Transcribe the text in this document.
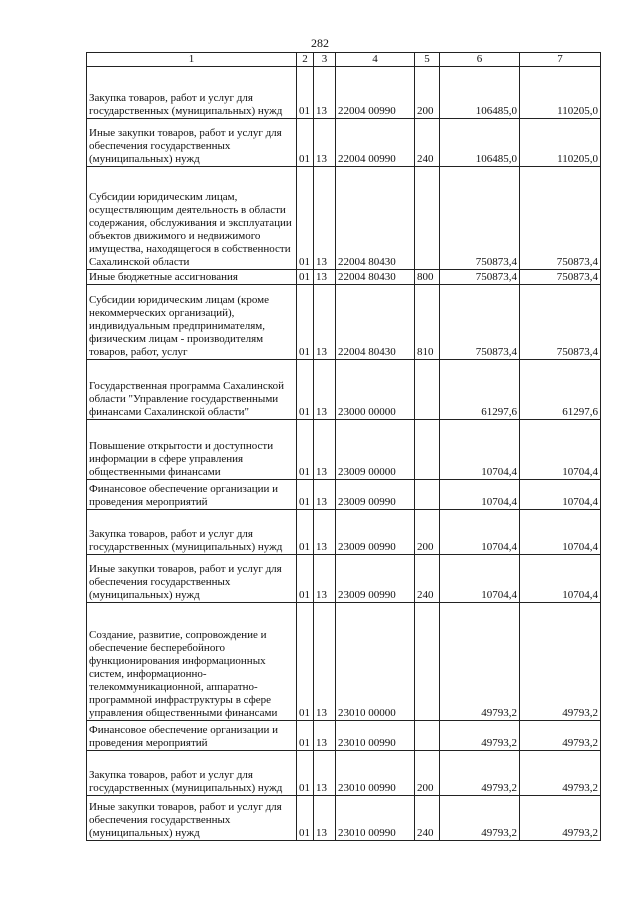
282
1	2	3	4	5	6	7
Закупка товаров, работ и услуг для государственных (муниципальных) нужд	01	13	22004 00990	200	106485,0	110205,0
Иные закупки товаров, работ и услуг для обеспечения государственных (муниципальных) нужд	01	13	22004 00990	240	106485,0	110205,0
Субсидии юридическим лицам, осуществляющим деятельность в области содержания, обслуживания и эксплуатации объектов движимого и недвижимого имущества, находящегося в собственности Сахалинской области	01	13	22004 80430		750873,4	750873,4
Иные бюджетные ассигнования	01	13	22004 80430	800	750873,4	750873,4
Субсидии юридическим лицам (кроме некоммерческих организаций), индивидуальным предпринимателям, физическим лицам - производителям товаров, работ, услуг	01	13	22004 80430	810	750873,4	750873,4
Государственная программа Сахалинской области "Управление государственными финансами Сахалинской области"	01	13	23000 00000		61297,6	61297,6
Повышение открытости и доступности информации в сфере управления общественными финансами	01	13	23009 00000		10704,4	10704,4
Финансовое обеспечение организации и проведения мероприятий	01	13	23009 00990		10704,4	10704,4
Закупка товаров, работ и услуг для государственных (муниципальных) нужд	01	13	23009 00990	200	10704,4	10704,4
Иные закупки товаров, работ и услуг для обеспечения государственных (муниципальных) нужд	01	13	23009 00990	240	10704,4	10704,4
Создание, развитие, сопровождение и обеспечение бесперебойного функционирования информационных систем, информационно-телекоммуникационной, аппаратно-программной инфраструктуры в сфере управления общественными финансами	01	13	23010 00000		49793,2	49793,2
Финансовое обеспечение организации и проведения мероприятий	01	13	23010 00990		49793,2	49793,2
Закупка товаров, работ и услуг для государственных (муниципальных) нужд	01	13	23010 00990	200	49793,2	49793,2
Иные закупки товаров, работ и услуг для обеспечения государственных (муниципальных) нужд	01	13	23010 00990	240	49793,2	49793,2
